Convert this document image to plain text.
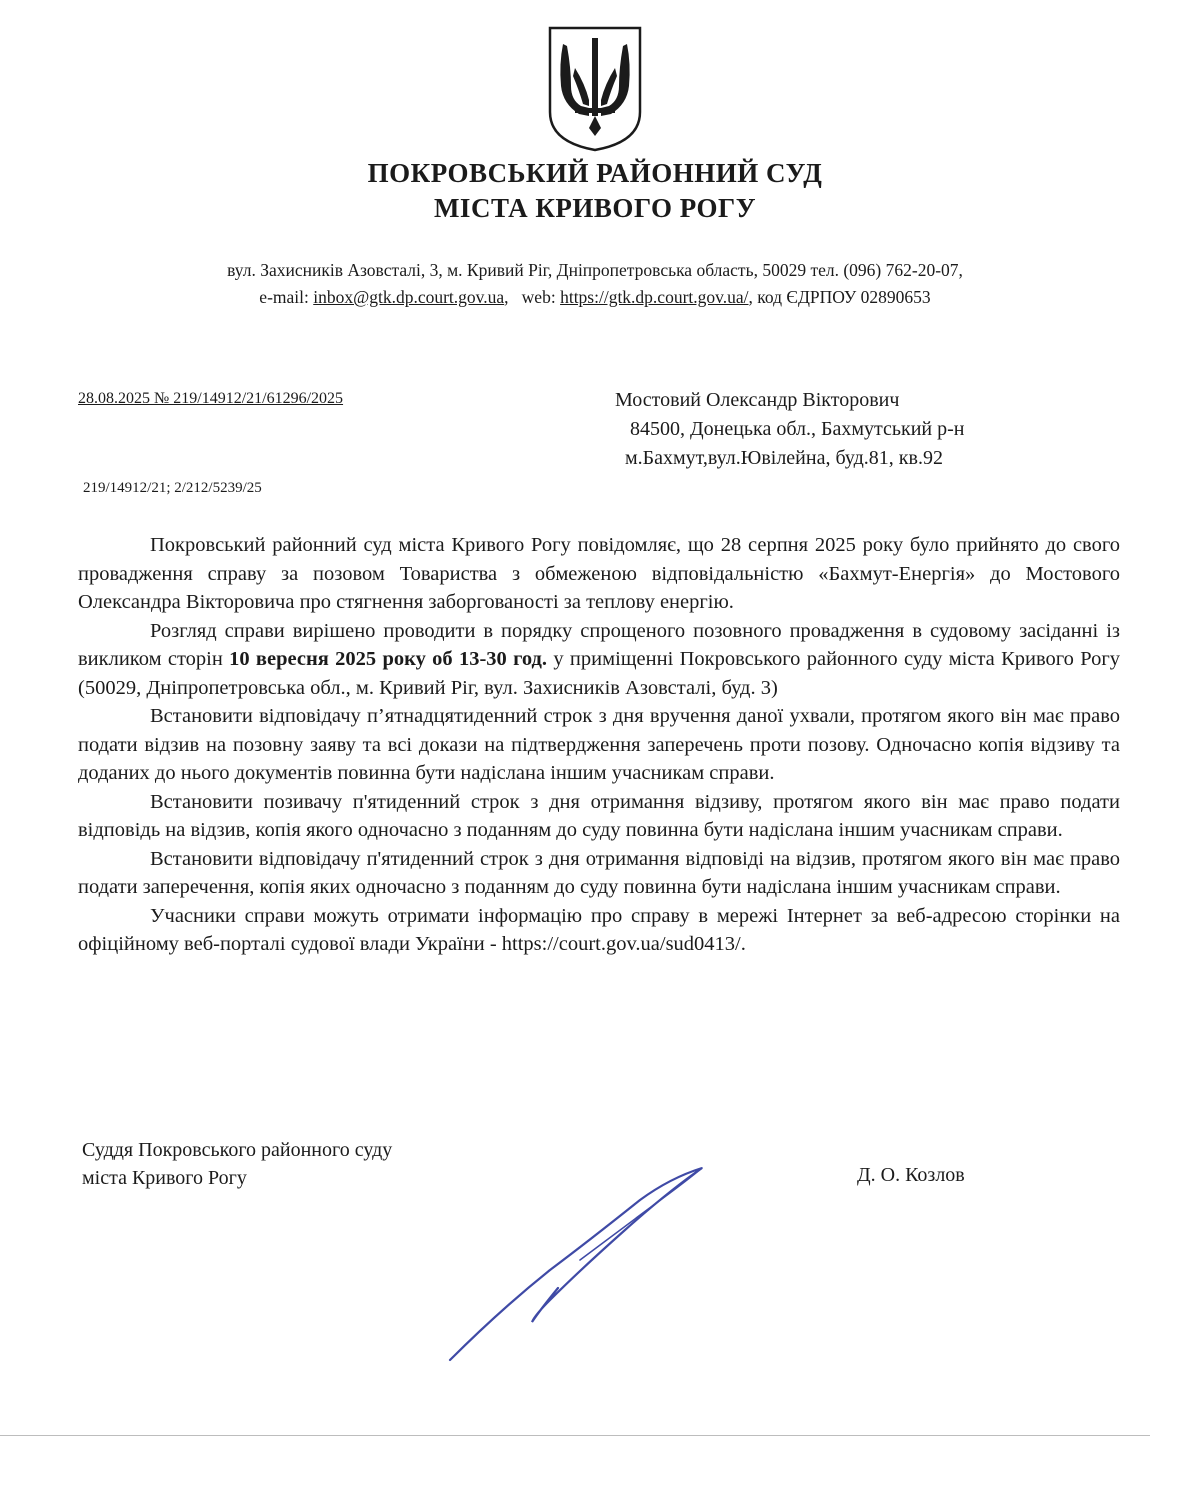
ПОКРОВСЬКИЙ РАЙОННИЙ СУД
МІСТА КРИВОГО РОГУ
вул. Захисників Азовсталі, 3, м. Кривий Ріг, Дніпропетровська область, 50029 тел. (096) 762-20-07,
e-mail: inbox@gtk.dp.court.gov.ua,   web: https://gtk.dp.court.gov.ua/, код ЄДРПОУ 02890653
28.08.2025 № 219/14912/21/61296/2025	Мостовий Олександр Вікторович
84500, Донецька обл., Бахмутський р-н
м.Бахмут,вул.Ювілейна, буд.81, кв.92
219/14912/21; 2/212/5239/25

Покровський районний суд міста Кривого Рогу повідомляє, що 28 серпня 2025 року було прийнято до свого провадження справу за позовом Товариства з обмеженою відповідальністю «Бахмут-Енергія» до Мостового Олександра Вікторовича про стягнення заборгованості за теплову енергію.

Розгляд справи вирішено проводити в порядку спрощеного позовного провадження в судовому засіданні із викликом сторін 10 вересня 2025 року об 13-30 год. у приміщенні Покровського районного суду міста Кривого Рогу (50029, Дніпропетровська обл., м. Кривий Ріг, вул. Захисників Азовсталі, буд. 3)

Встановити відповідачу п’ятнадцятиденний строк з дня вручення даної ухвали, протягом якого він має право подати відзив на позовну заяву та всі докази на підтвердження заперечень проти позову. Одночасно копія відзиву та доданих до нього документів повинна бути надіслана іншим учасникам справи.

Встановити позивачу п'ятиденний строк з дня отримання відзиву, протягом якого він має право подати відповідь на відзив, копія якого одночасно з поданням до суду повинна бути надіслана іншим учасникам справи.

Встановити відповідачу п'ятиденний строк з дня отримання відповіді на відзив, протягом якого він має право подати заперечення, копія яких одночасно з поданням до суду повинна бути надіслана іншим учасникам справи.

Учасники справи можуть отримати інформацію про справу в мережі Інтернет за веб-адресою сторінки на офіційному веб-порталі судової влади України - https://court.gov.ua/sud0413/.

Суддя Покровського районного суду
міста Кривого Рогу	Д. О. Козлов
